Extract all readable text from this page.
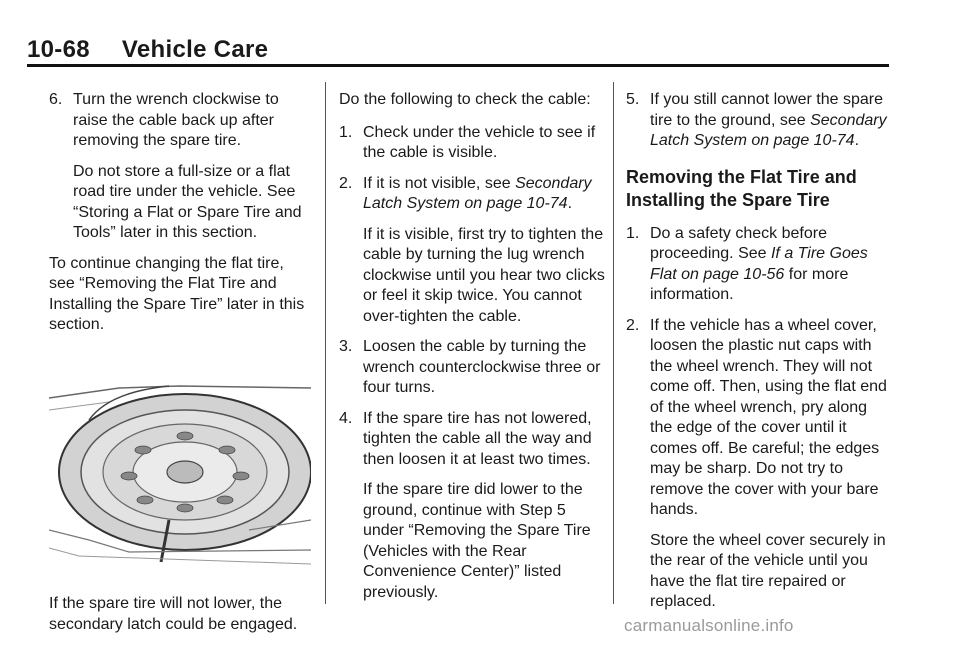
10-68 Vehicle Care
6. Turn the wrench clockwise to raise the cable back up after removing the spare tire.

Do not store a full-size or a flat road tire under the vehicle. See “Storing a Flat or Spare Tire and Tools” later in this section.

To continue changing the flat tire, see “Removing the Flat Tire and Installing the Spare Tire” later in this section.

If the spare tire will not lower, the secondary latch could be engaged.

Do the following to check the cable:

1. Check under the vehicle to see if the cable is visible.
2. If it is not visible, see Secondary Latch System on page 10-74.

If it is visible, first try to tighten the cable by turning the lug wrench clockwise until you hear two clicks or feel it skip twice. You cannot over-tighten the cable.

3. Loosen the cable by turning the wrench counterclockwise three or four turns.
4. If the spare tire has not lowered, tighten the cable all the way and then loosen it at least two times.

If the spare tire did lower to the ground, continue with Step 5 under “Removing the Spare Tire (Vehicles with the Rear Convenience Center)” listed previously.

5. If you still cannot lower the spare tire to the ground, see Secondary Latch System on page 10-74.
Removing the Flat Tire and Installing the Spare Tire
1. Do a safety check before proceeding. See If a Tire Goes Flat on page 10-56 for more information.
2. If the vehicle has a wheel cover, loosen the plastic nut caps with the wheel wrench. They will not come off. Then, using the flat end of the wheel wrench, pry along the edge of the cover until it comes off. Be careful; the edges may be sharp. Do not try to remove the cover with your bare hands.

Store the wheel cover securely in the rear of the vehicle until you have the flat tire repaired or replaced.

carmanualsonline.info
